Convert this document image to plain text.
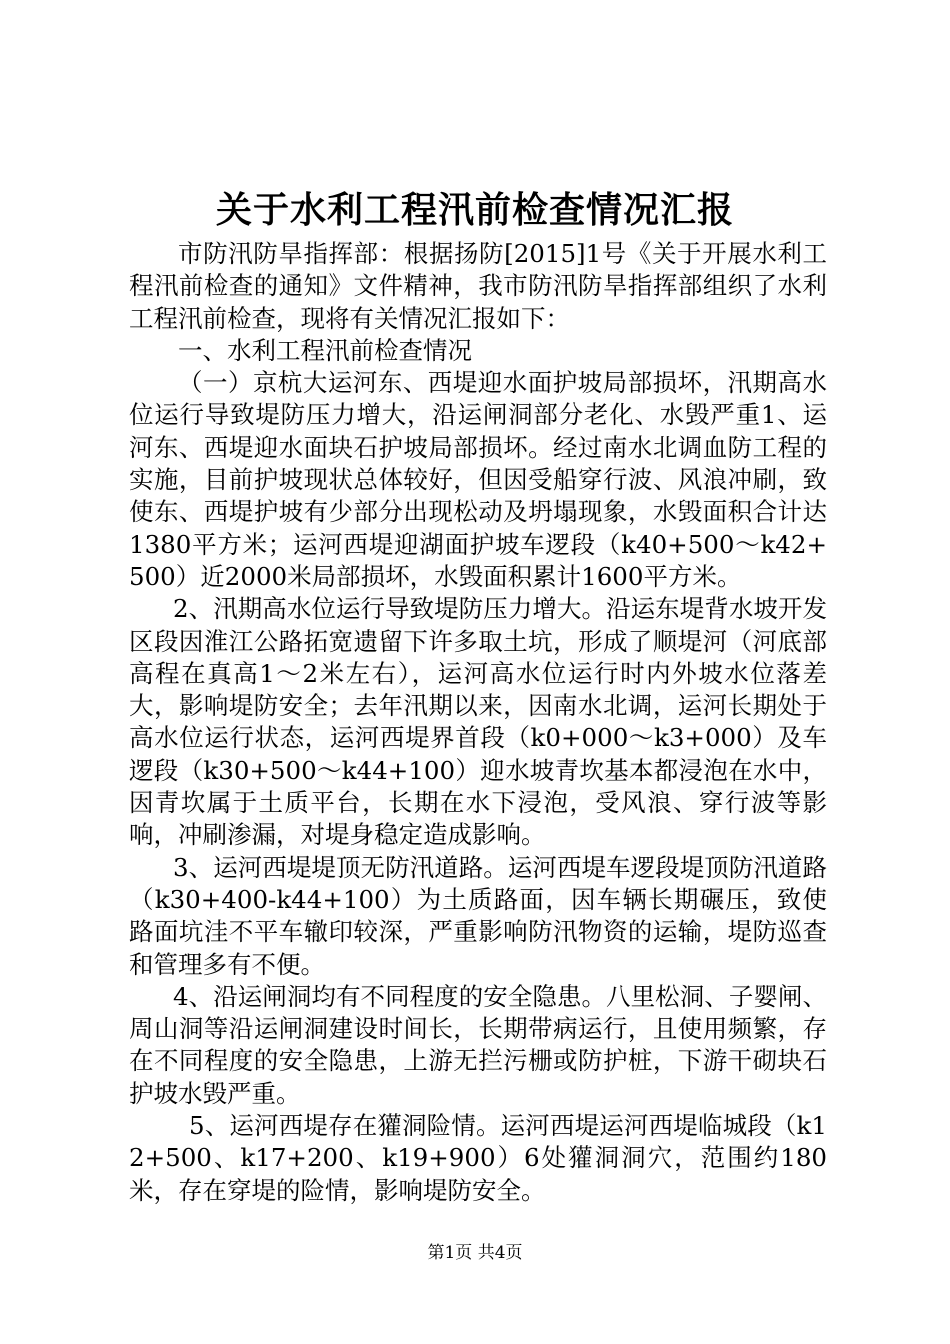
关于水利工程汛前检查情况汇报

市防汛防旱指挥部：根据扬防[2015]1号《关于开展水利工程汛前检查的通知》文件精神，我市防汛防旱指挥部组织了水利工程汛前检查，现将有关情况汇报如下：

一、水利工程汛前检查情况

（一）京杭大运河东、西堤迎水面护坡局部损坏，汛期高水位运行导致堤防压力增大，沿运闸洞部分老化、水毁严重1、运河东、西堤迎水面块石护坡局部损坏。经过南水北调血防工程的实施，目前护坡现状总体较好，但因受船穿行波、风浪冲刷，致使东、西堤护坡有少部分出现松动及坍塌现象，水毁面积合计达1380平方米；运河西堤迎湖面护坡车逻段（k40+500～k42+500）近2000米局部损坏，水毁面积累计1600平方米。

2、汛期高水位运行导致堤防压力增大。沿运东堤背水坡开发区段因淮江公路拓宽遗留下许多取土坑，形成了顺堤河（河底部高程在真高1～2米左右），运河高水位运行时内外坡水位落差大，影响堤防安全；去年汛期以来，因南水北调，运河长期处于高水位运行状态，运河西堤界首段（k0+000～k3+000）及车逻段（k30+500～k44+100）迎水坡青坎基本都浸泡在水中，因青坎属于土质平台，长期在水下浸泡，受风浪、穿行波等影响，冲刷渗漏，对堤身稳定造成影响。

3、运河西堤堤顶无防汛道路。运河西堤车逻段堤顶防汛道路（k30+400-k44+100）为土质路面，因车辆长期碾压，致使路面坑洼不平车辙印较深，严重影响防汛物资的运输，堤防巡查和管理多有不便。

4、沿运闸洞均有不同程度的安全隐患。八里松洞、子婴闸、周山洞等沿运闸洞建设时间长，长期带病运行，且使用频繁，存在不同程度的安全隐患，上游无拦污栅或防护桩，下游干砌块石护坡水毁严重。

5、运河西堤存在獾洞险情。运河西堤运河西堤临城段（k12+500、k17+200、k19+900）6处獾洞洞穴，范围约180米，存在穿堤的险情，影响堤防安全。

第1页 共4页
